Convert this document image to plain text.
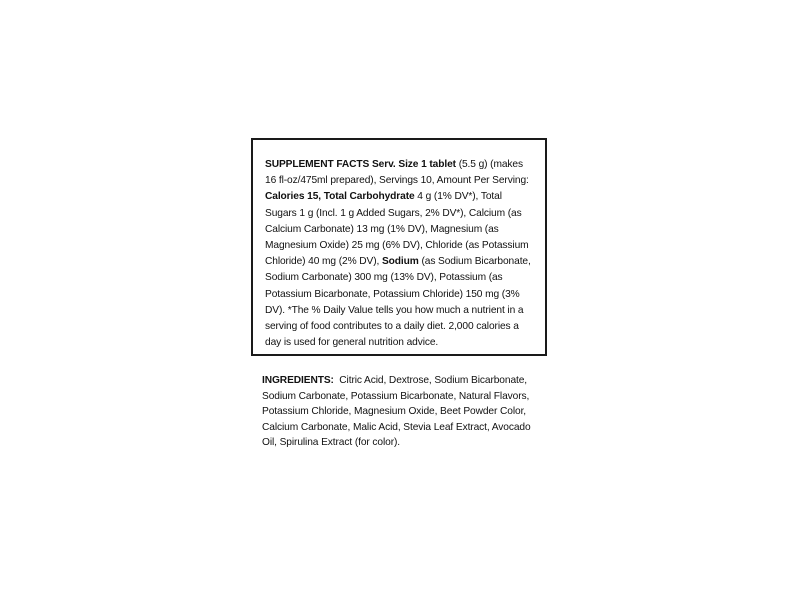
SUPPLEMENT FACTS Serv. Size 1 tablet (5.5 g) (makes 16 fl-oz/475ml prepared), Servings 10, Amount Per Serving: Calories 15, Total Carbohydrate 4 g (1% DV*), Total Sugars 1 g (Incl. 1 g Added Sugars, 2% DV*), Calcium (as Calcium Carbonate) 13 mg (1% DV), Magnesium (as Magnesium Oxide) 25 mg (6% DV), Chloride (as Potassium Chloride) 40 mg (2% DV), Sodium (as Sodium Bicarbonate, Sodium Carbonate) 300 mg (13% DV), Potassium (as Potassium Bicarbonate, Potassium Chloride) 150 mg (3% DV). *The % Daily Value tells you how much a nutrient in a serving of food contributes to a daily diet. 2,000 calories a day is used for general nutrition advice.

INGREDIENTS:  Citric Acid, Dextrose, Sodium Bicarbonate, Sodium Carbonate, Potassium Bicarbonate, Natural Flavors, Potassium Chloride, Magnesium Oxide, Beet Powder Color, Calcium Carbonate, Malic Acid, Stevia Leaf Extract, Avocado Oil, Spirulina Extract (for color).
